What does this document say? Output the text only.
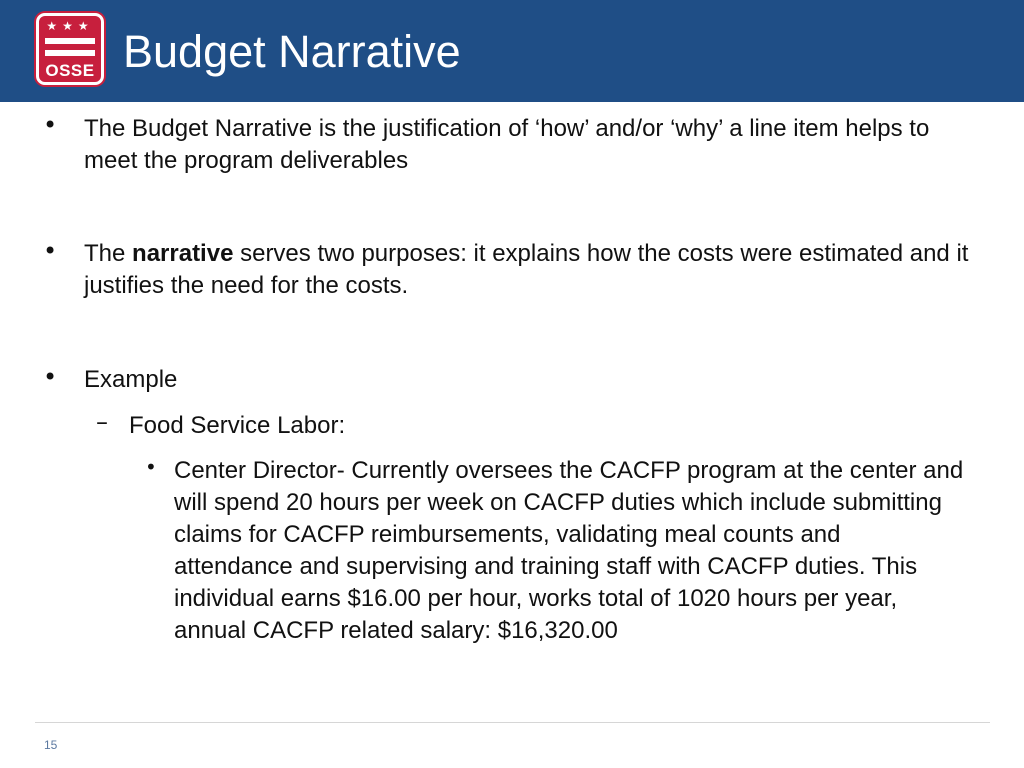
★★★
OSSE Budget Narrative
• The Budget Narrative is the justification of ‘how’ and/or ‘why’ a line item helps to meet the program deliverables
• The narrative serves two purposes: it explains how the costs were estimated and it justifies the need for the costs.
• Example
– Food Service Labor:
• Center Director- Currently oversees the CACFP program at the center and will spend 20 hours per week on CACFP duties which include submitting claims for CACFP reimbursements, validating meal counts and attendance and supervising and training staff with CACFP duties. This individual earns $16.00 per hour, works total of 1020 hours per year, annual CACFP related salary: $16,320.00
15
